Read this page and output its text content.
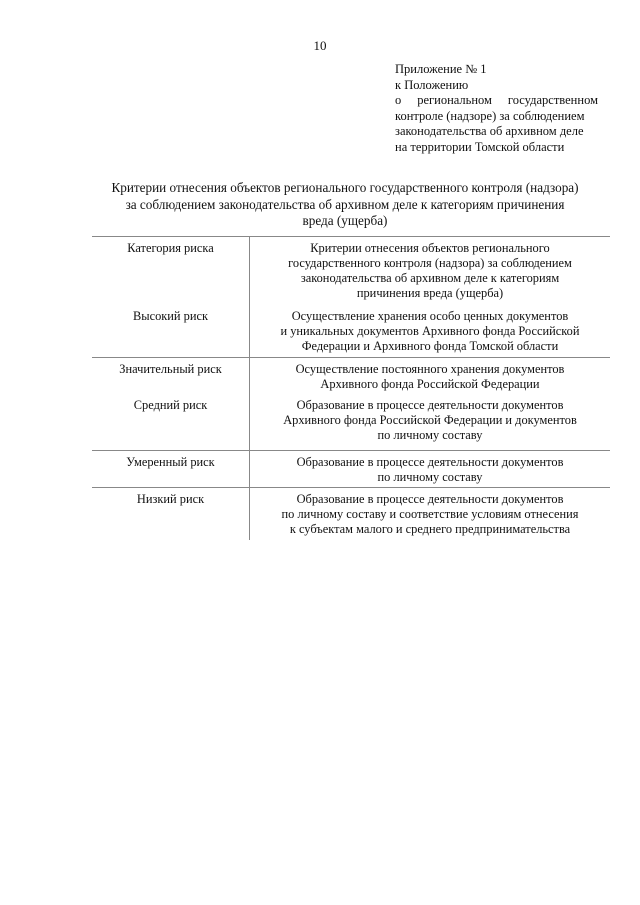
10
Приложение № 1
к Положению
о региональном государственном
контроле (надзоре) за соблюдением
законодательства об архивном деле
на территории Томской области
Критерии отнесения объектов регионального государственного контроля (надзора)
за соблюдением законодательства об архивном деле к категориям причинения
вреда (ущерба)
Категория риска	Критерии отнесения объектов регионального
государственного контроля (надзора) за соблюдением
законодательства об архивном деле к категориям
причинения вреда (ущерба)
Высокий риск	Осуществление хранения особо ценных документов
и уникальных документов Архивного фонда Российской
Федерации и Архивного фонда Томской области
Значительный риск	Осуществление постоянного хранения документов
Архивного фонда Российской Федерации
Средний риск	Образование в процессе деятельности документов
Архивного фонда Российской Федерации и документов
по личному составу
Умеренный риск	Образование в процессе деятельности документов
по личному составу
Низкий риск	Образование в процессе деятельности документов
по личному составу и соответствие условиям отнесения
к субъектам малого и среднего предпринимательства
